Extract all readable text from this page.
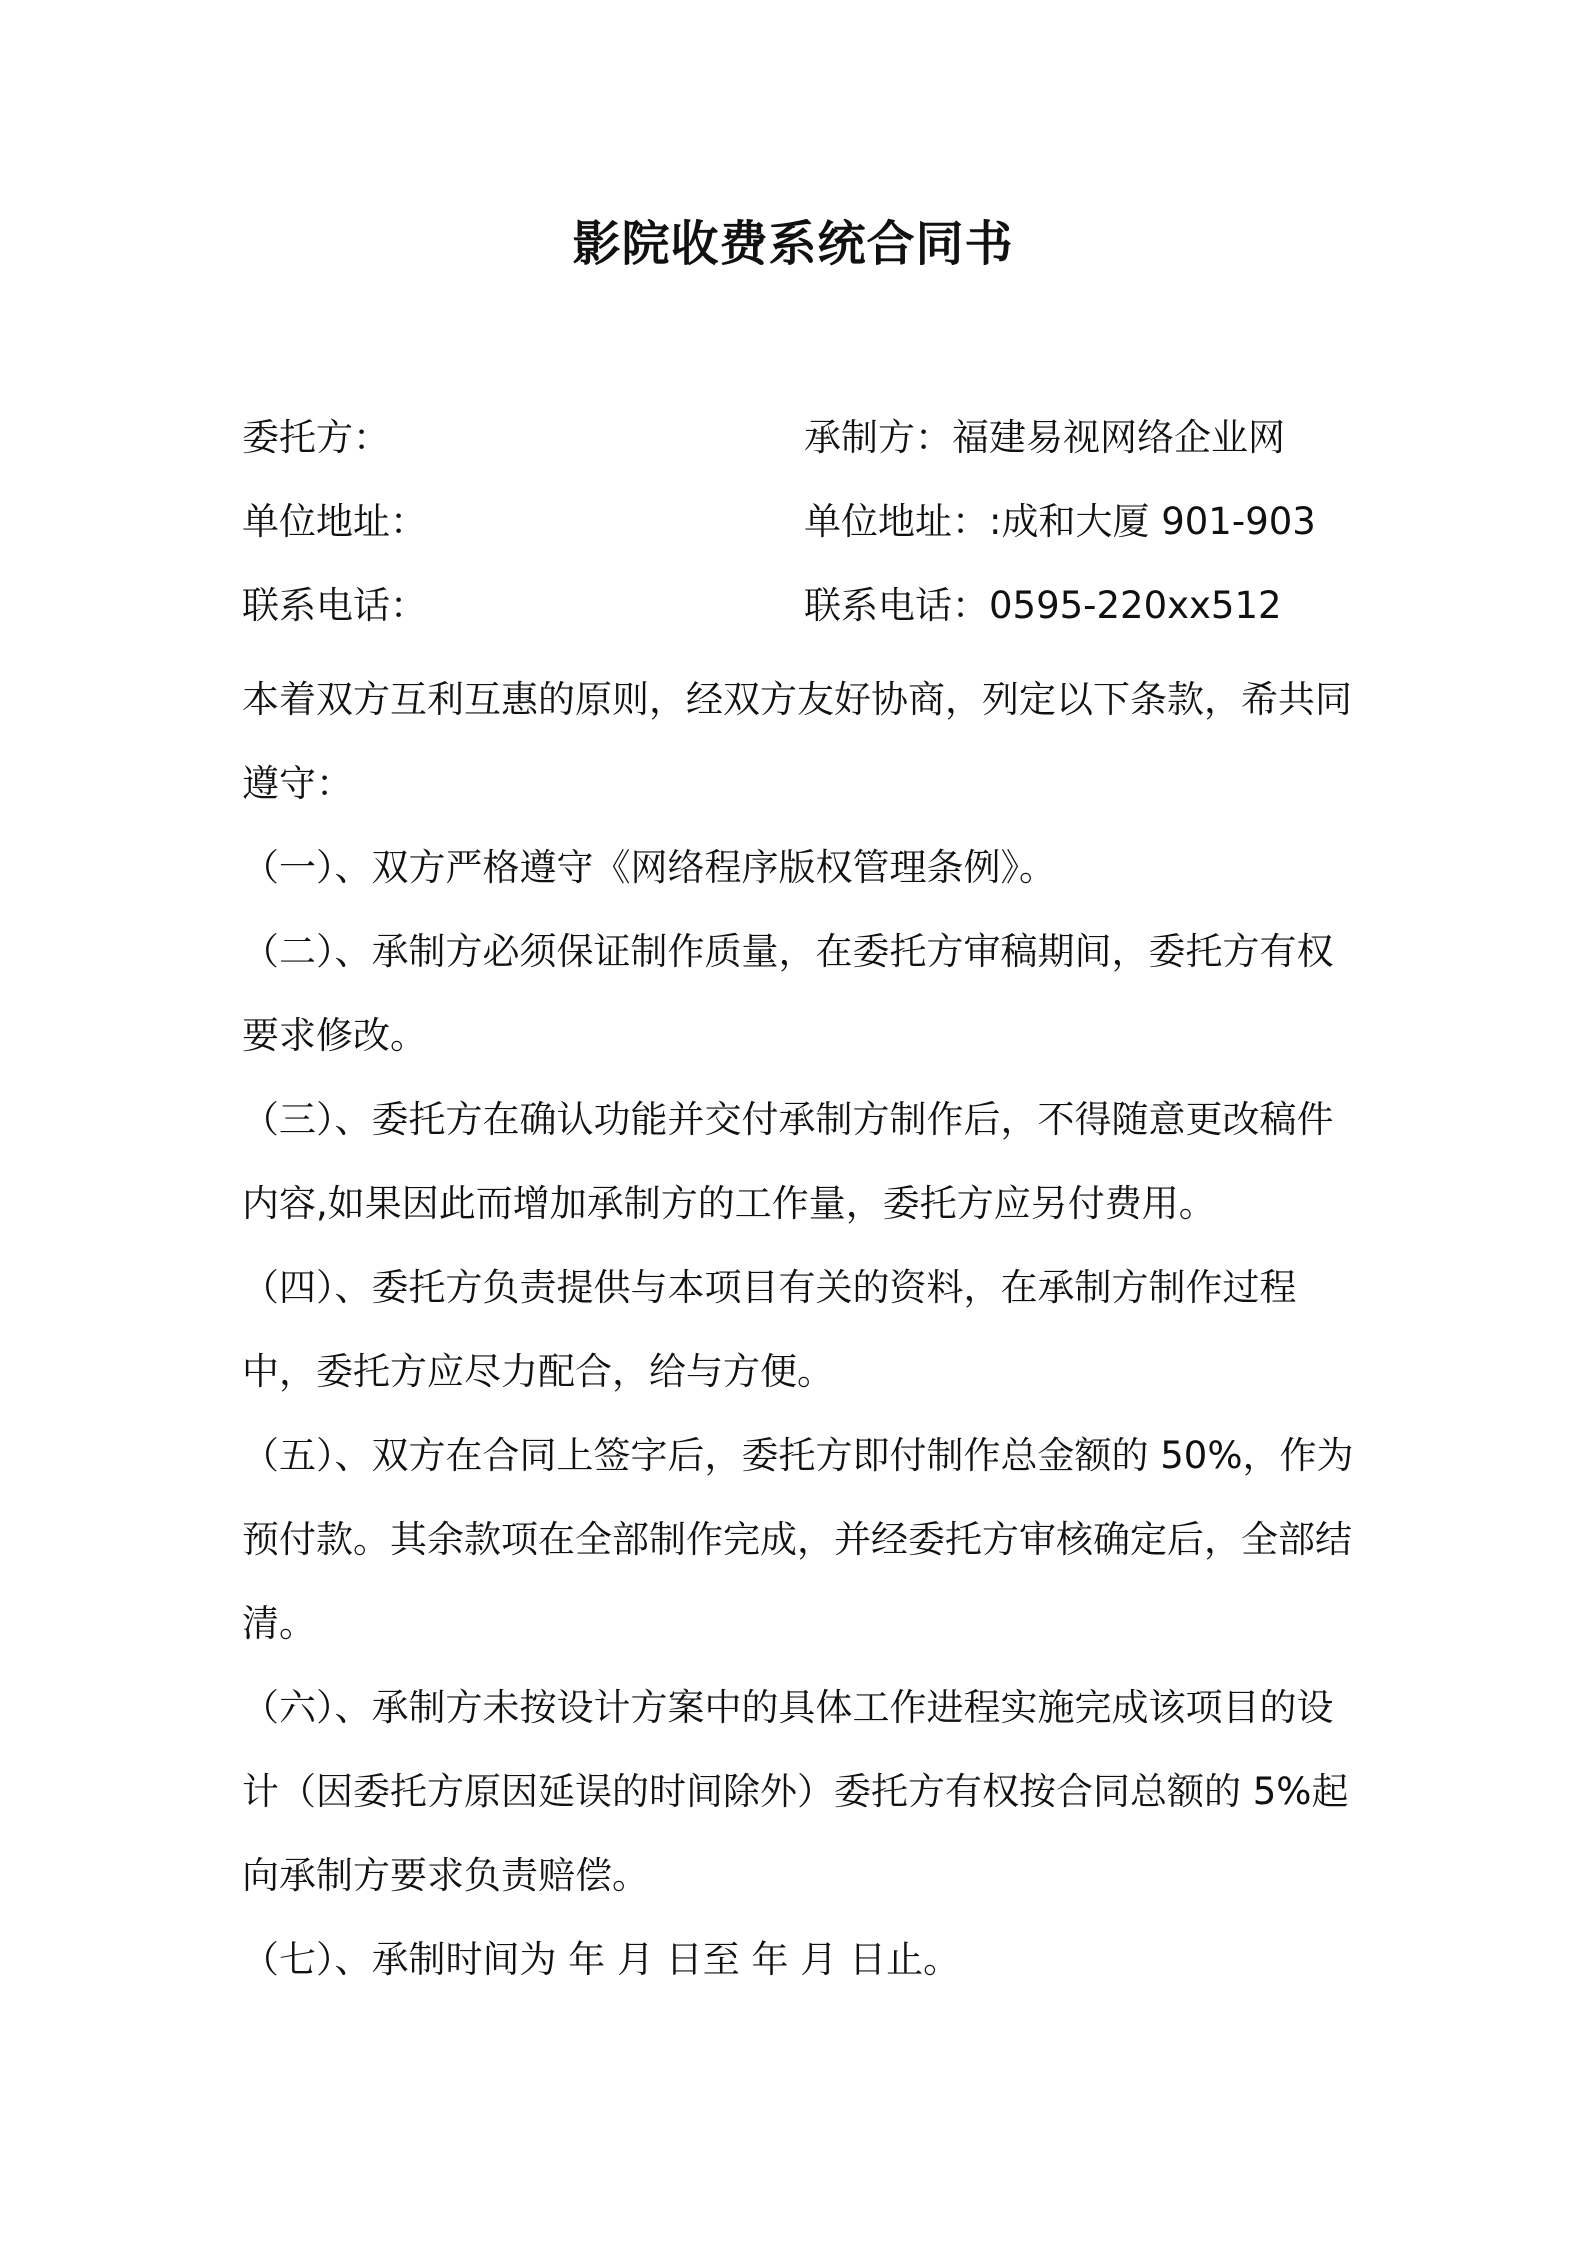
影院收费系统合同书
委托方：	承制方：福建易视网络企业网
单位地址：	单位地址：:成和大厦 901-903
联系电话：	联系电话：0595-220xx512

本着双方互利互惠的原则，经双方友好协商，列定以下条款，希共同遵守：

（一）、双方严格遵守《网络程序版权管理条例》。

（二）、承制方必须保证制作质量，在委托方审稿期间，委托方有权要求修改。

（三）、委托方在确认功能并交付承制方制作后，不得随意更改稿件内容,如果因此而增加承制方的工作量，委托方应另付费用。

（四）、委托方负责提供与本项目有关的资料，在承制方制作过程中，委托方应尽力配合，给与方便。

（五）、双方在合同上签字后，委托方即付制作总金额的 50%，作为预付款。其余款项在全部制作完成，并经委托方审核确定后，全部结清。

（六）、承制方未按设计方案中的具体工作进程实施完成该项目的设计（因委托方原因延误的时间除外）委托方有权按合同总额的 5%起向承制方要求负责赔偿。

（七）、承制时间为 年 月 日至 年 月 日止。
